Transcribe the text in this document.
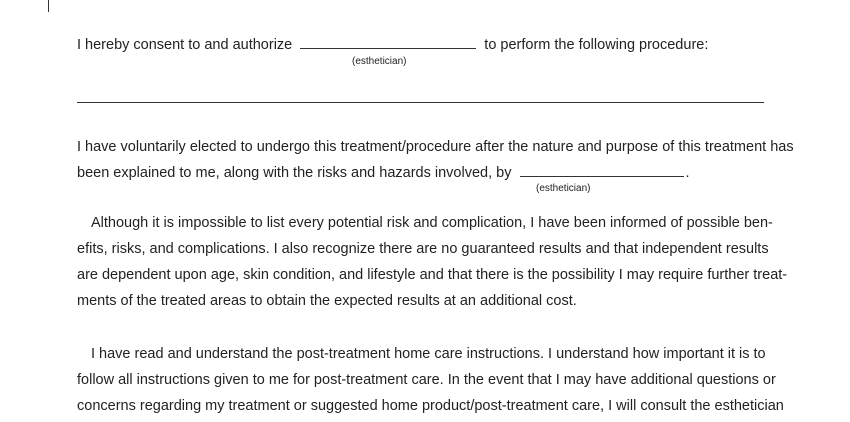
I hereby consent to and authorize	to perform the following procedure:
(esthetician)
I have voluntarily elected to undergo this treatment/procedure after the nature and purpose of this treatment has
been explained to me, along with the risks and hazards involved, by	.
(esthetician)
Although it is impossible to list every potential risk and complication, I have been informed of possible ben-
efits, risks, and complications. I also recognize there are no guaranteed results and that independent results
are dependent upon age, skin condition, and lifestyle and that there is the possibility I may require further treat-
ments of the treated areas to obtain the expected results at an additional cost.
I have read and understand the post-treatment home care instructions. I understand how important it is to
follow all instructions given to me for post-treatment care. In the event that I may have additional questions or
concerns regarding my treatment or suggested home product/post-treatment care, I will consult the esthetician
